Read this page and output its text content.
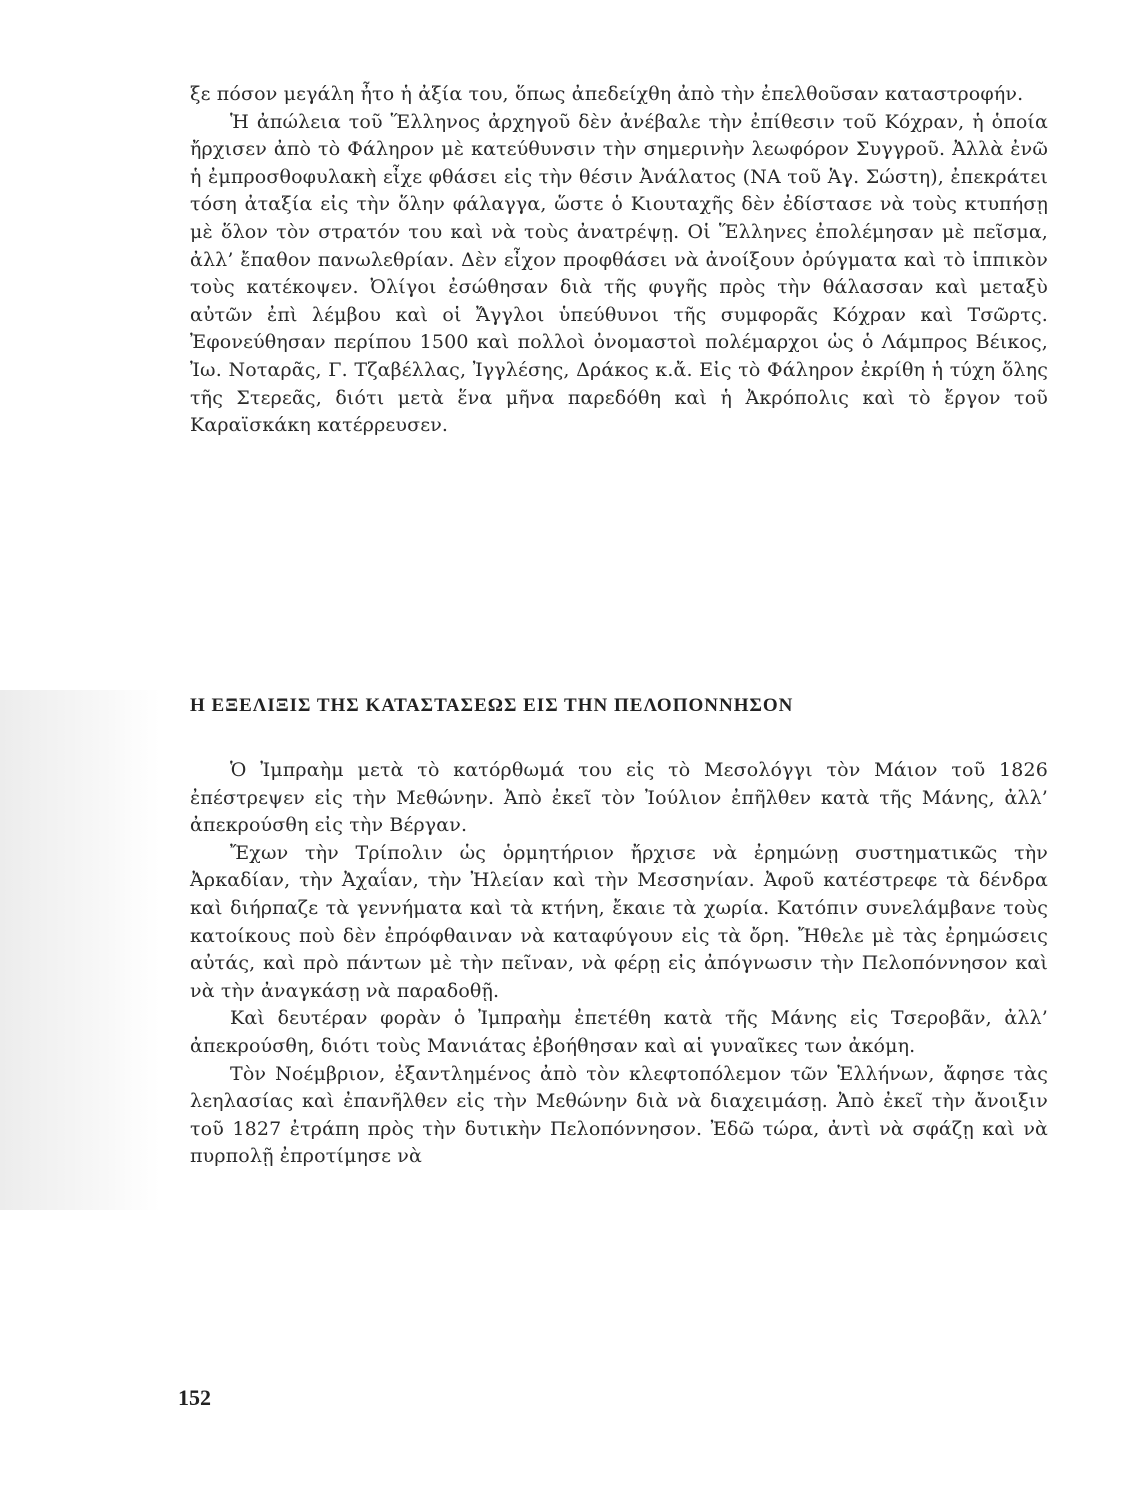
ξε πόσον μεγάλη ἦτο ἡ ἀξία του, ὅπως ἀπεδείχθη ἀπὸ τὴν ἐπελθοῦσαν καταστροφήν.

Ἡ ἀπώλεια τοῦ Ἕλληνος ἀρχηγοῦ δὲν ἀνέβαλε τὴν ἐπίθεσιν τοῦ Κόχραν, ἡ ὁποία ἤρχισεν ἀπὸ τὸ Φάληρον μὲ κατεύθυνσιν τὴν σημερινὴν λεωφόρον Συγγροῦ. Ἀλλὰ ἐνῶ ἡ ἐμπροσθοφυλακὴ εἶχε φθάσει εἰς τὴν θέσιν Ἀνάλατος (ΝΑ τοῦ Ἁγ. Σώστη), ἐπεκράτει τόση ἀταξία εἰς τὴν ὅλην φάλαγγα, ὥστε ὁ Κιουταχῆς δὲν ἐδίστασε νὰ τοὺς κτυπήσῃ μὲ ὅλον τὸν στρατόν του καὶ νὰ τοὺς ἀνατρέψῃ. Οἱ Ἕλληνες ἐπολέμησαν μὲ πεῖσμα, ἀλλ’ ἔπαθον πανωλεθρίαν. Δὲν εἶχον προφθάσει νὰ ἀνοίξουν ὀρύγματα καὶ τὸ ἱππικὸν τοὺς κατέκοψεν. Ὀλίγοι ἐσώθησαν διὰ τῆς φυγῆς πρὸς τὴν θάλασσαν καὶ μεταξὺ αὐτῶν ἐπὶ λέμβου καὶ οἱ Ἄγγλοι ὑπεύθυνοι τῆς συμφορᾶς Κόχραν καὶ Τσῶρτς. Ἐφονεύθησαν περίπου 1500 καὶ πολλοὶ ὀνομαστοὶ πολέμαρχοι ὡς ὁ Λάμπρος Βέικος, Ἰω. Νοταρᾶς, Γ. Τζαβέλλας, Ἰγγλέσης, Δράκος κ.ἄ. Εἰς τὸ Φάληρον ἐκρίθη ἡ τύχη ὅλης τῆς Στερεᾶς, διότι μετὰ ἕνα μῆνα παρεδόθη καὶ ἡ Ἀκρόπολις καὶ τὸ ἔργον τοῦ Καραϊσκάκη κατέρρευσεν.

Η ΕΞΕΛΙΞΙΣ ΤΗΣ ΚΑΤΑΣΤΑΣΕΩΣ ΕΙΣ ΤΗΝ ΠΕΛΟΠΟΝΝΗΣΟΝ

Ὁ Ἰμπραὴμ μετὰ τὸ κατόρθωμά του εἰς τὸ Μεσολόγγι τὸν Μάιον τοῦ 1826 ἐπέστρεψεν εἰς τὴν Μεθώνην. Ἀπὸ ἐκεῖ τὸν Ἰούλιον ἐπῆλθεν κατὰ τῆς Μάνης, ἀλλ’ ἀπεκρούσθη εἰς τὴν Βέργαν.

Ἔχων τὴν Τρίπολιν ὡς ὁρμητήριον ἤρχισε νὰ ἐρημώνῃ συστηματικῶς τὴν Ἀρκαδίαν, τὴν Ἀχαΐαν, τὴν Ἠλείαν καὶ τὴν Μεσσηνίαν. Ἀφοῦ κατέστρεφε τὰ δένδρα καὶ διήρπαζε τὰ γεννήματα καὶ τὰ κτήνη, ἔκαιε τὰ χωρία. Κατόπιν συνελάμβανε τοὺς κατοίκους ποὺ δὲν ἐπρόφθαιναν νὰ καταφύγουν εἰς τὰ ὄρη. Ἤθελε μὲ τὰς ἐρημώσεις αὐτάς, καὶ πρὸ πάντων μὲ τὴν πεῖναν, νὰ φέρῃ εἰς ἀπόγνωσιν τὴν Πελοπόννησον καὶ νὰ τὴν ἀναγκάσῃ νὰ παραδοθῇ.

Καὶ δευτέραν φορὰν ὁ Ἰμπραὴμ ἐπετέθη κατὰ τῆς Μάνης εἰς Τσεροβᾶν, ἀλλ’ ἀπεκρούσθη, διότι τοὺς Μανιάτας ἐβοήθησαν καὶ αἱ γυναῖκες των ἀκόμη.

Τὸν Νοέμβριον, ἐξαντλημένος ἀπὸ τὸν κλεφτοπόλεμον τῶν Ἑλλήνων, ἄφησε τὰς λεηλασίας καὶ ἐπανῆλθεν εἰς τὴν Μεθώνην διὰ νὰ διαχειμάσῃ. Ἀπὸ ἐκεῖ τὴν ἄνοιξιν τοῦ 1827 ἐτράπη πρὸς τὴν δυτικὴν Πελοπόννησον. Ἐδῶ τώρα, ἀντὶ νὰ σφάζῃ καὶ νὰ πυρπολῇ ἐπροτίμησε νὰ

152
